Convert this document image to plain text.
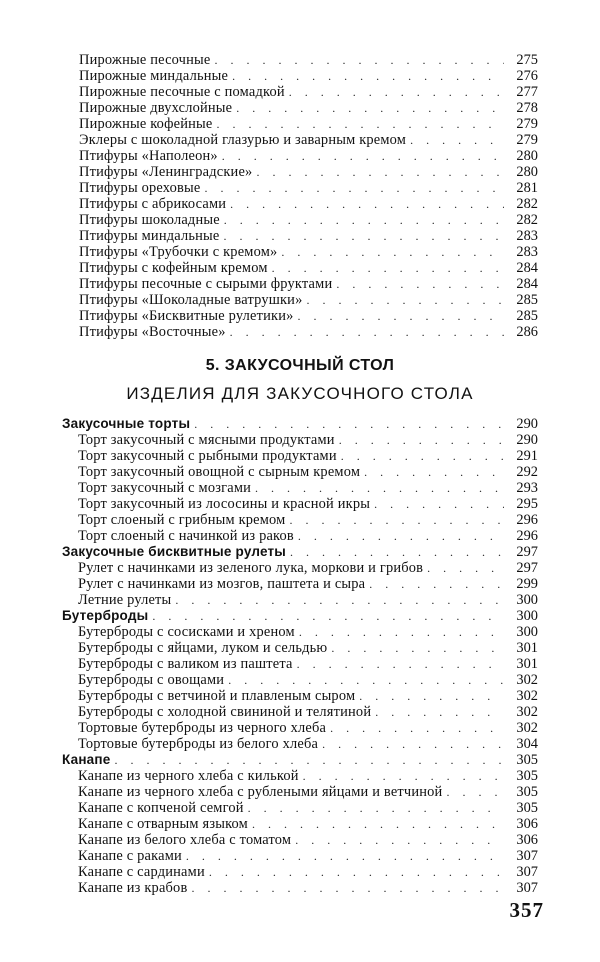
Пирожные песочные . . .	275
Пирожные миндальные . . .	276
Пирожные песочные с помадкой . . .	277
Пирожные двухслойные . . .	278
Пирожные кофейные . . .	279
Эклеры с шоколадной глазурью и заварным кремом . . .	279
Птифуры «Наполеон» . . .	280
Птифуры «Ленинградские» . . .	280
Птифуры ореховые . . .	281
Птифуры с абрикосами . . .	282
Птифуры шоколадные . . .	282
Птифуры миндальные . . .	283
Птифуры «Трубочки с кремом» . . .	283
Птифуры с кофейным кремом . . .	284
Птифуры песочные с сырыми фруктами . . .	284
Птифуры «Шоколадные ватрушки» . . .	285
Птифуры «Бисквитные рулетики» . . .	285
Птифуры «Восточные» . . .	286
5. ЗАКУСОЧНЫЙ СТОЛ
ИЗДЕЛИЯ ДЛЯ ЗАКУСОЧНОГО СТОЛА
Закусочные торты . . .	290
Торт закусочный с мясными продуктами . . .	290
Торт закусочный с рыбными продуктами . . .	291
Торт закусочный овощной с сырным кремом . . .	292
Торт закусочный с мозгами . . .	293
Торт закусочный из лососины и красной икры . . .	295
Торт слоеный с грибным кремом . . .	296
Торт слоеный с начинкой из раков . . .	296
Закусочные бисквитные рулеты . . .	297
Рулет с начинками из зеленого лука, моркови и грибов . . .	297
Рулет с начинками из мозгов, паштета и сыра . . .	299
Летние рулеты . . .	300
Бутерброды . . .	300
Бутерброды с сосисками и хреном . . .	300
Бутерброды с яйцами, луком и сельдью . . .	301
Бутерброды с валиком из паштета . . .	301
Бутерброды с овощами . . .	302
Бутерброды с ветчиной и плавленым сыром . . .	302
Бутерброды с холодной свининой и телятиной . . .	302
Тортовые бутерброды из черного хлеба . . .	302
Тортовые бутерброды из белого хлеба . . .	304
Канапе . . .	305
Канапе из черного хлеба с килькой . . .	305
Канапе из черного хлеба с рублеными яйцами и ветчиной . . .	305
Канапе с копченой семгой . . .	305
Канапе с отварным языком . . .	306
Канапе из белого хлеба с томатом . . .	306
Канапе с раками . . .	307
Канапе с сардинами . . .	307
Канапе из крабов . . .	307
357
